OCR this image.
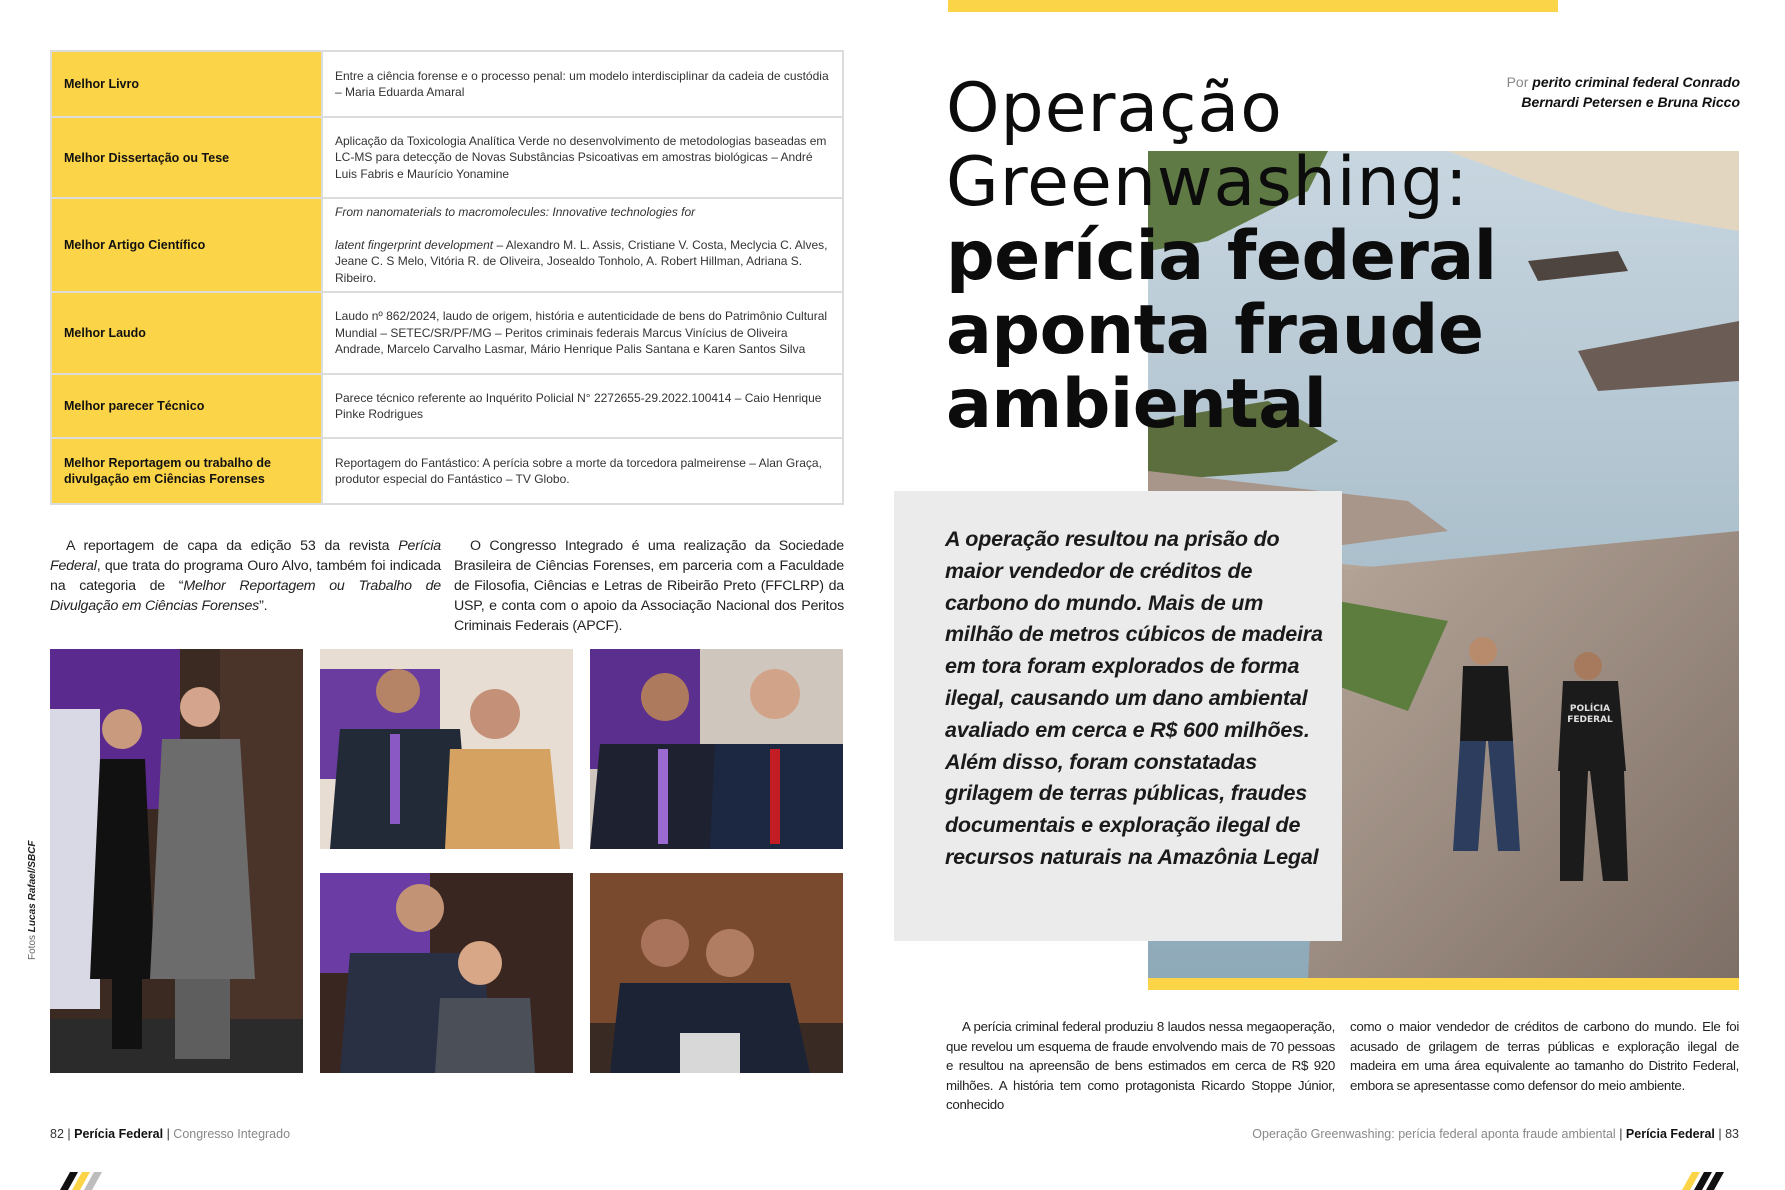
Melhor Livro	Entre a ciência forense e o processo penal: um modelo interdisciplinar da cadeia de custódia – Maria Eduarda Amaral
Melhor Dissertação ou Tese	Aplicação da Toxicologia Analítica Verde no desenvolvimento de metodologias baseadas em LC-MS para detecção de Novas Substâncias Psicoativas em amostras biológicas – André Luis Fabris e Maurício Yonamine
Melhor Artigo Científico	From nanomaterials to macromolecules: Innovative technologies for
latent fingerprint development – Alexandro M. L. Assis, Cristiane V. Costa, Meclycia C. Alves, Jeane C. S Melo, Vitória R. de Oliveira, Josealdo Tonholo, A. Robert Hillman, Adriana S. Ribeiro.
Melhor Laudo	Laudo nº 862/2024, laudo de origem, história e autenticidade de bens do Patrimônio Cultural Mundial – SETEC/SR/PF/MG – Peritos criminais federais Marcus Vinícius de Oliveira Andrade, Marcelo Carvalho Lasmar, Mário Henrique Palis Santana e Karen Santos Silva
Melhor parecer Técnico	Parece técnico referente ao Inquérito Policial N° 2272655-29.2022.100414 – Caio Henrique Pinke Rodrigues
Melhor Reportagem ou trabalho de divulgação em Ciências Forenses	Reportagem do Fantástico: A perícia sobre a morte da torcedora palmeirense – Alan Graça, produtor especial do Fantástico – TV Globo.

A reportagem de capa da edição 53 da revista Perícia Federal, que trata do programa Ouro Alvo, também foi indicada na categoria de “Melhor Reportagem ou Trabalho de Divulgação em Ciências Forenses”.

O Congresso Integrado é uma realização da Sociedade Brasileira de Ciências Forenses, em parceria com a Faculdade de Filosofia, Ciências e Letras de Ribeirão Preto (FFCLRP) da USP, e conta com o apoio da Associação Nacional dos Peritos Criminais Federais (APCF).

Fotos Lucas Rafael/SBCF
82 | Perícia Federal | Congresso Integrado
POLÍCIA
FEDERAL
Por perito criminal federal Conrado
Bernardi Petersen e Bruna Ricco
Operação
Greenwashing:
perícia federal
aponta fraude
ambiental
A operação resultou na prisão do maior vendedor de créditos de carbono do mundo. Mais de um milhão de metros cúbicos de madeira em tora foram explorados de forma ilegal, causando um dano ambiental avaliado em cerca e R$ 600 milhões. Além disso, foram constatadas grilagem de terras públicas, fraudes documentais e exploração ilegal de recursos naturais na Amazônia Legal

A perícia criminal federal produziu 8 laudos nessa megaoperação, que revelou um esquema de fraude envolvendo mais de 70 pessoas e resultou na apreensão de bens estimados em cerca de R$ 920 milhões. A história tem como protagonista Ricardo Stoppe Júnior, conhecido

como o maior vendedor de créditos de carbono do mundo. Ele foi acusado de grilagem de terras públicas e exploração ilegal de madeira em uma área equivalente ao tamanho do Distrito Federal, embora se apresentasse como defensor do meio ambiente.

Operação Greenwashing: perícia federal aponta fraude ambiental | Perícia Federal | 83
